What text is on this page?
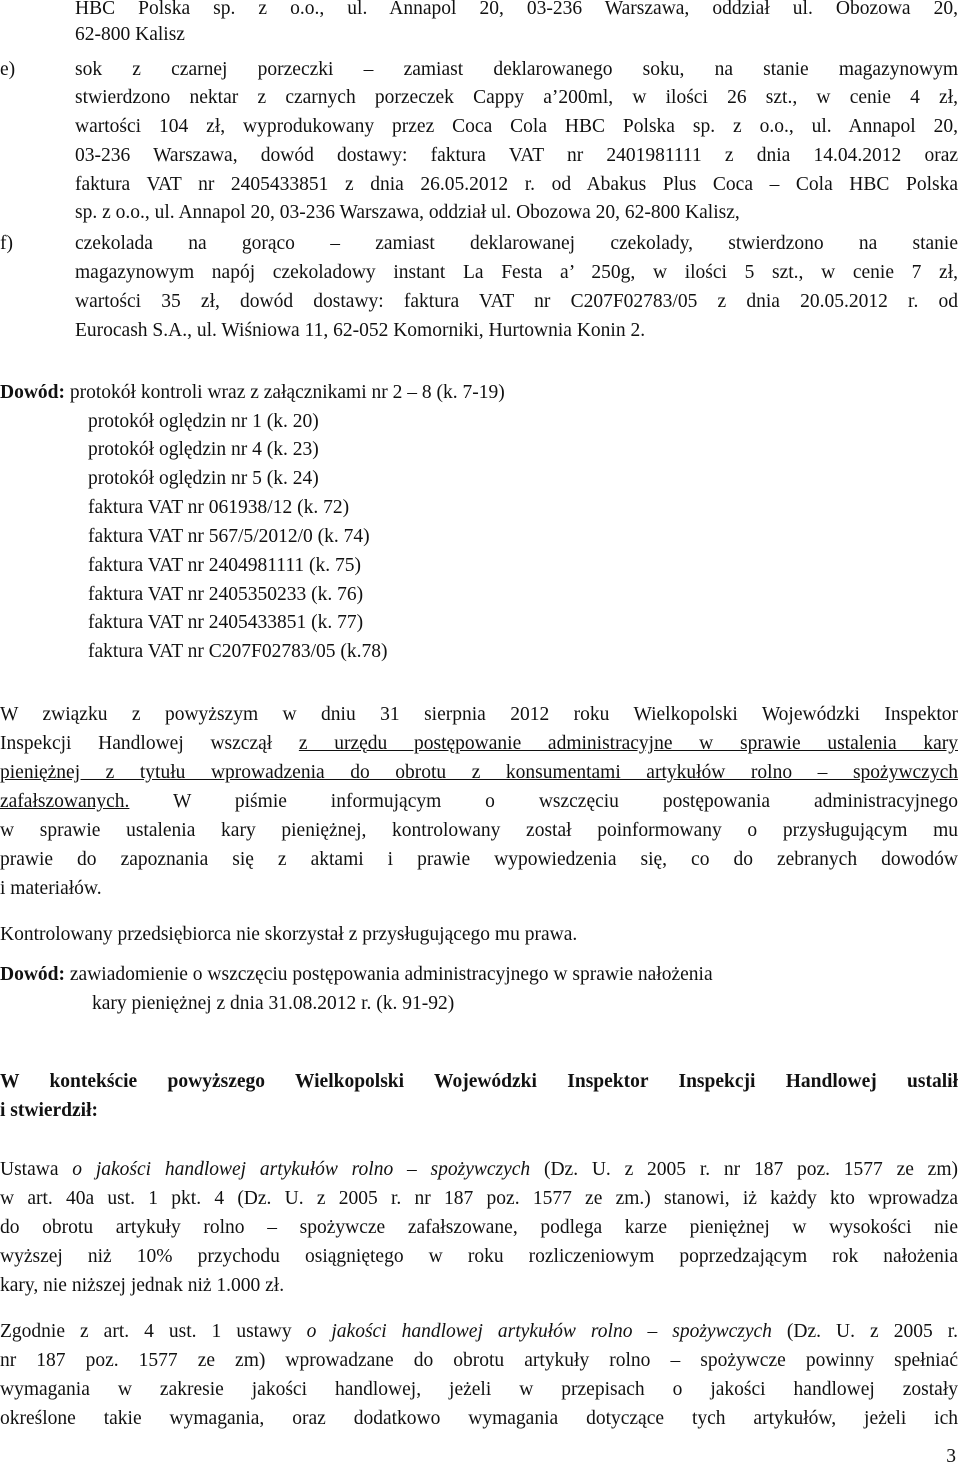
HBC Polska sp. z o.o., ul. Annapol 20, 03-236 Warszawa, oddział ul. Obozowa 20,
62-800 Kalisz
e)	sok z czarnej porzeczki – zamiast deklarowanego soku, na stanie magazynowym
stwierdzono nektar z czarnych porzeczek Cappy a’200ml, w ilości 26 szt., w cenie 4 zł,
wartości 104 zł, wyprodukowany przez Coca Cola HBC Polska sp. z o.o., ul. Annapol 20,
03-236 Warszawa, dowód dostawy: faktura VAT nr 2401981111 z dnia 14.04.2012 oraz
faktura VAT nr 2405433851 z dnia 26.05.2012 r. od Abakus Plus Coca – Cola HBC Polska
sp. z o.o., ul. Annapol 20, 03-236 Warszawa, oddział ul. Obozowa 20, 62-800 Kalisz,
f)	czekolada na gorąco – zamiast deklarowanej czekolady, stwierdzono na stanie
magazynowym napój czekoladowy instant La Festa a’ 250g, w ilości 5 szt., w cenie 7 zł,
wartości 35 zł, dowód dostawy: faktura VAT nr C207F02783/05 z dnia 20.05.2012 r. od
Eurocash S.A., ul. Wiśniowa 11, 62-052 Komorniki, Hurtownia Konin 2.
Dowód: protokół kontroli wraz z załącznikami nr 2 – 8 (k. 7-19)
protokół oględzin nr 1 (k. 20)
protokół oględzin nr 4 (k. 23)
protokół oględzin nr 5 (k. 24)
faktura VAT nr 061938/12 (k. 72)
faktura VAT nr 567/5/2012/0 (k. 74)
faktura VAT nr 2404981111 (k. 75)
faktura VAT nr 2405350233 (k. 76)
faktura VAT nr 2405433851 (k. 77)
faktura VAT nr C207F02783/05 (k.78)
W związku z powyższym w dniu 31 sierpnia 2012 roku Wielkopolski Wojewódzki Inspektor
Inspekcji Handlowej wszczął z urzędu postępowanie administracyjne w sprawie ustalenia kary
pieniężnej z tytułu wprowadzenia do obrotu z konsumentami artykułów rolno – spożywczych
zafałszowanych. W piśmie informującym o wszczęciu postępowania administracyjnego
w sprawie ustalenia kary pieniężnej, kontrolowany został poinformowany o przysługującym mu
prawie do zapoznania się z aktami i prawie wypowiedzenia się, co do zebranych dowodów
i materiałów.
Kontrolowany przedsiębiorca nie skorzystał z przysługującego mu prawa.
Dowód: zawiadomienie o wszczęciu postępowania administracyjnego w sprawie nałożenia
kary pieniężnej z dnia 31.08.2012 r. (k. 91-92)
W kontekście powyższego Wielkopolski Wojewódzki Inspektor Inspekcji Handlowej ustalił
i stwierdził:
Ustawa o jakości handlowej artykułów rolno – spożywczych (Dz. U. z 2005 r. nr 187 poz. 1577 ze zm)
w art. 40a ust. 1 pkt. 4 (Dz. U. z 2005 r. nr 187 poz. 1577 ze zm.) stanowi, iż każdy kto wprowadza
do obrotu artykuły rolno – spożywcze zafałszowane, podlega karze pieniężnej w wysokości nie
wyższej niż 10% przychodu osiągniętego w roku rozliczeniowym poprzedzającym rok nałożenia
kary, nie niższej jednak niż 1.000 zł.
Zgodnie z art. 4 ust. 1 ustawy o jakości handlowej artykułów rolno – spożywczych (Dz. U. z 2005 r.
nr 187 poz. 1577 ze zm) wprowadzane do obrotu artykuły rolno – spożywcze powinny spełniać
wymagania w zakresie jakości handlowej, jeżeli w przepisach o jakości handlowej zostały
określone takie wymagania, oraz dodatkowo wymagania dotyczące tych artykułów, jeżeli ich
3
